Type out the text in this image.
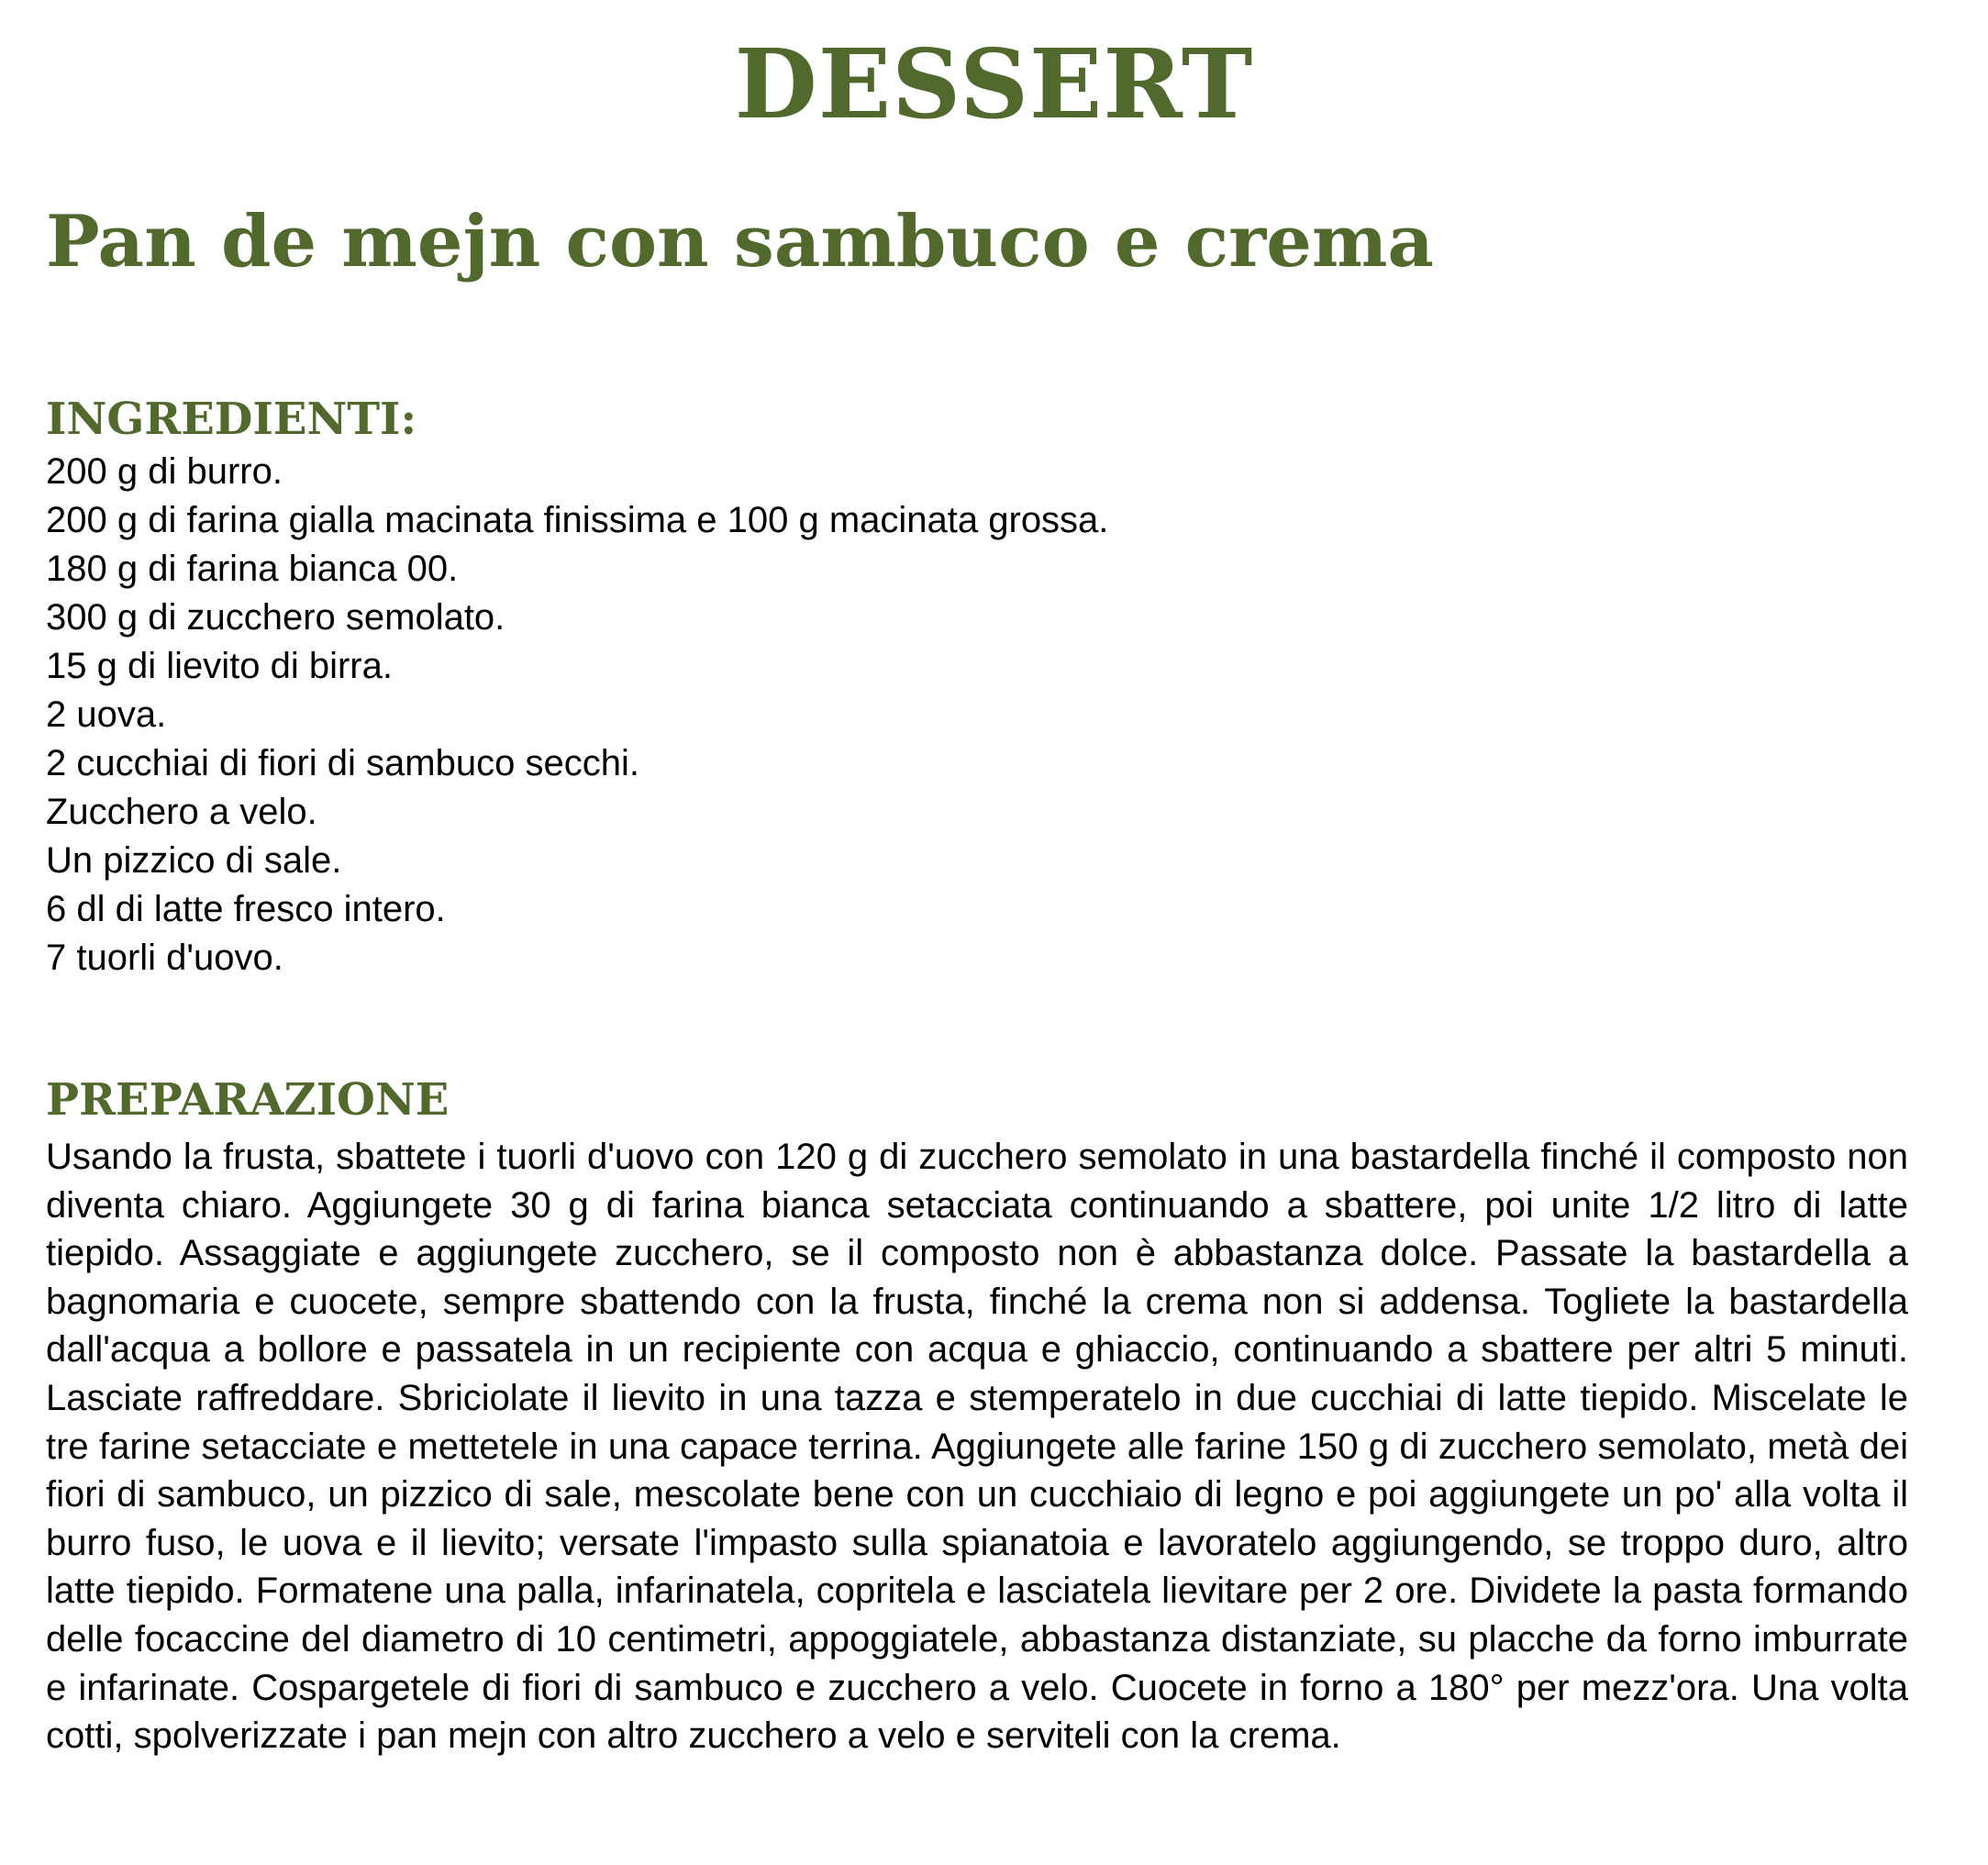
DESSERT
Pan de mejn con sambuco e crema
INGREDIENTI:
200 g di burro.
200 g di farina gialla macinata finissima e 100 g macinata grossa.
180 g di farina bianca 00.
300 g di zucchero semolato.
15 g di lievito di birra.
2 uova.
2 cucchiai di fiori di sambuco secchi.
Zucchero a velo.
Un pizzico di sale.
6 dl di latte fresco intero.
7 tuorli d'uovo.
PREPARAZIONE

Usando la frusta, sbattete i tuorli d'uovo con 120 g di zucchero semolato in una bastardella finché il composto non diventa chiaro. Aggiungete 30 g di farina bianca setacciata continuando a sbattere, poi unite 1/2 litro di latte tiepido. Assaggiate e aggiungete zucchero, se il composto non è abbastanza dolce. Passate la bastardella a bagnomaria e cuocete, sempre sbattendo con la frusta, finché la crema non si addensa. Togliete la bastardella dall'acqua a bollore e passatela in un recipiente con acqua e ghiaccio, continuando a sbattere per altri 5 minuti. Lasciate raffreddare. Sbriciolate il lievito in una tazza e stemperatelo in due cucchiai di latte tiepido. Miscelate le tre farine setacciate e mettetele in una capace terrina. Aggiungete alle farine 150 g di zucchero semolato, metà dei fiori di sambuco, un pizzico di sale, mescolate bene con un cucchiaio di legno e poi aggiungete un po' alla volta il burro fuso, le uova e il lievito; versate l'impasto sulla spianatoia e lavoratelo aggiungendo, se troppo duro, altro latte tiepido. Formatene una palla, infarinatela, copritela e lasciatela lievitare per 2 ore. Dividete la pasta formando delle focaccine del diametro di 10 centimetri, appoggiatele, abbastanza distanziate, su placche da forno imburrate e infarinate. Cospargetele di fiori di sambuco e zucchero a velo. Cuocete in forno a 180° per mezz'ora. Una volta cotti, spolverizzate i pan mejn con altro zucchero a velo e serviteli con la crema.
